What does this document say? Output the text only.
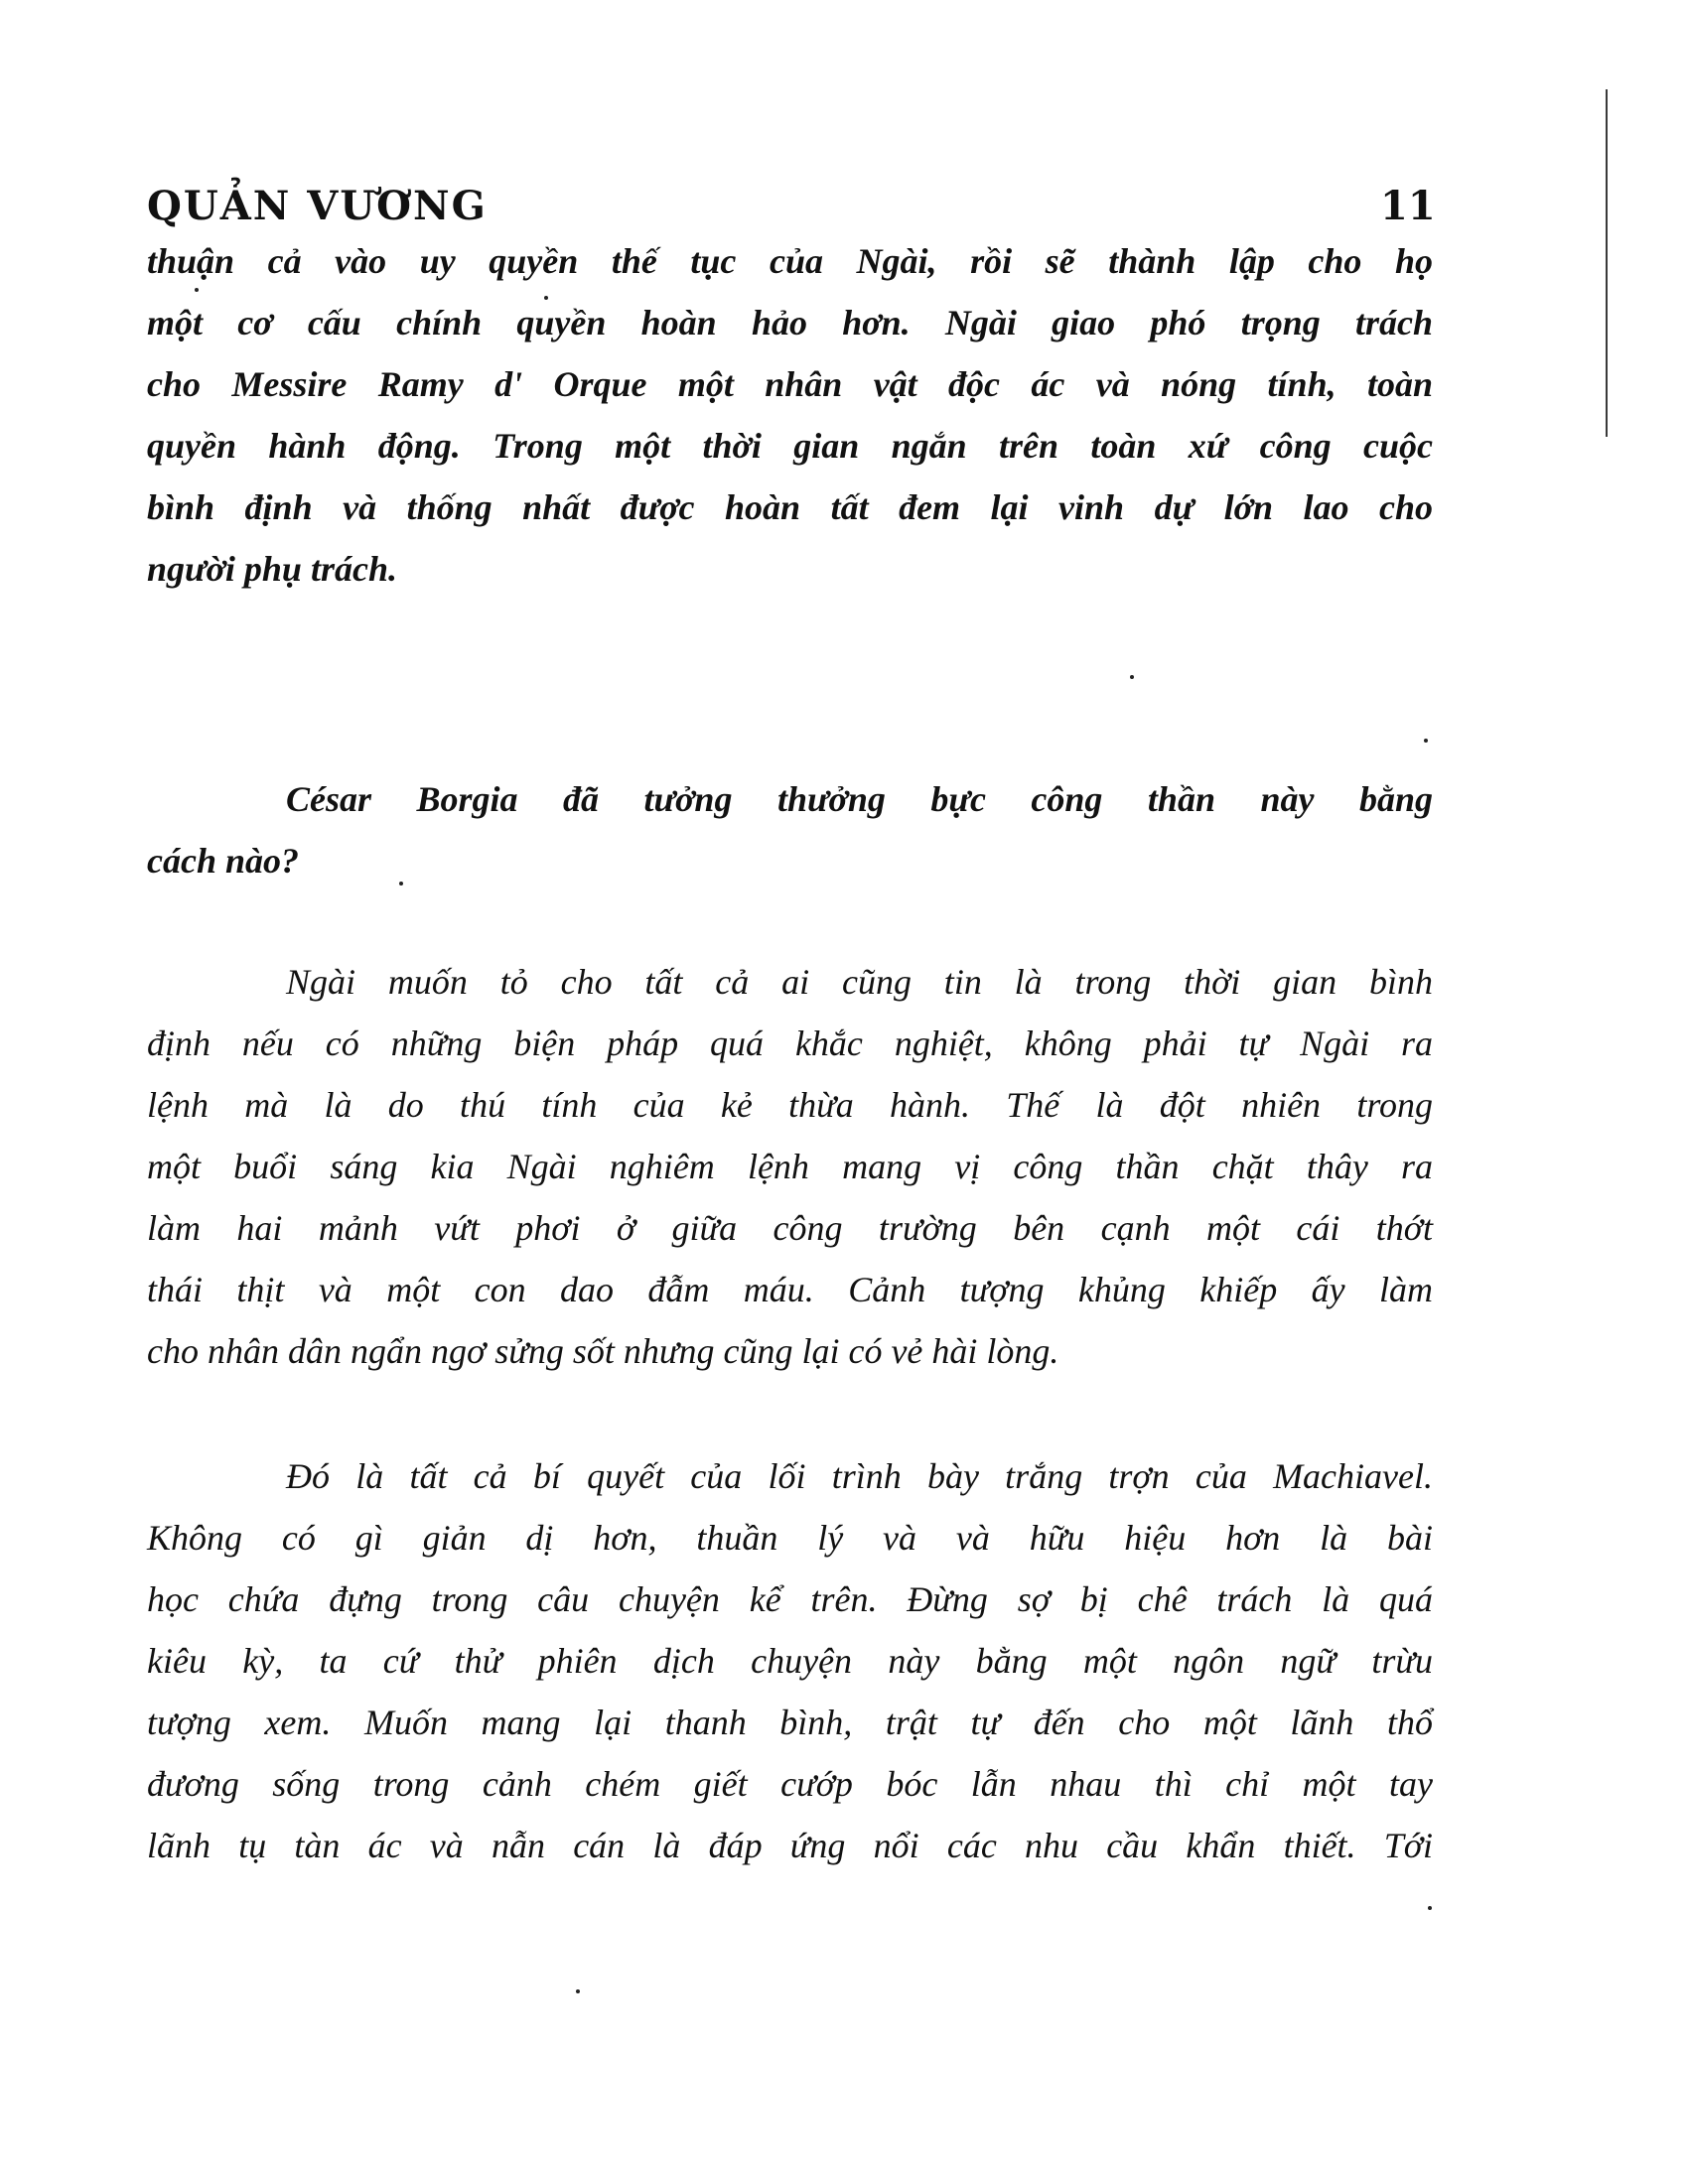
QUẢN VƯƠNG	11
thuận cả vào uy quyền thế tục của Ngài, rồi sẽ thành lập cho họ
một cơ cấu chính quyền hoàn hảo hơn. Ngài giao phó trọng trách
cho Messire Ramy d' Orque một nhân vật độc ác và nóng tính, toàn
quyền hành động. Trong một thời gian ngắn trên toàn xứ công cuộc
bình định và thống nhất được hoàn tất đem lại vinh dự lớn lao cho
người phụ trách.
César Borgia đã tưởng thưởng bực công thần này bằng
cách nào?
Ngài muốn tỏ cho tất cả ai cũng tin là trong thời gian bình
định nếu có những biện pháp quá khắc nghiệt, không phải tự Ngài ra
lệnh mà là do thú tính của kẻ thừa hành. Thế là đột nhiên trong
một buổi sáng kia Ngài nghiêm lệnh mang vị công thần chặt thây ra
làm hai mảnh vứt phơi ở giữa công trường bên cạnh một cái thớt
thái thịt và một con dao đẫm máu. Cảnh tượng khủng khiếp ấy làm
cho nhân dân ngẩn ngơ sửng sốt nhưng cũng lại có vẻ hài lòng.
Đó là tất cả bí quyết của lối trình bày trắng trợn của Machiavel.
Không có gì giản dị hơn, thuần lý và và hữu hiệu hơn là bài
học chứa đựng trong câu chuyện kể trên. Đừng sợ bị chê trách là quá
kiêu kỳ, ta cứ thử phiên dịch chuyện này bằng một ngôn ngữ trừu
tượng xem. Muốn mang lại thanh bình, trật tự đến cho một lãnh thổ
đương sống trong cảnh chém giết cướp bóc lẫn nhau thì chỉ một tay
lãnh tụ tàn ác và nẫn cán là đáp ứng nổi các nhu cầu khẩn thiết. Tới
